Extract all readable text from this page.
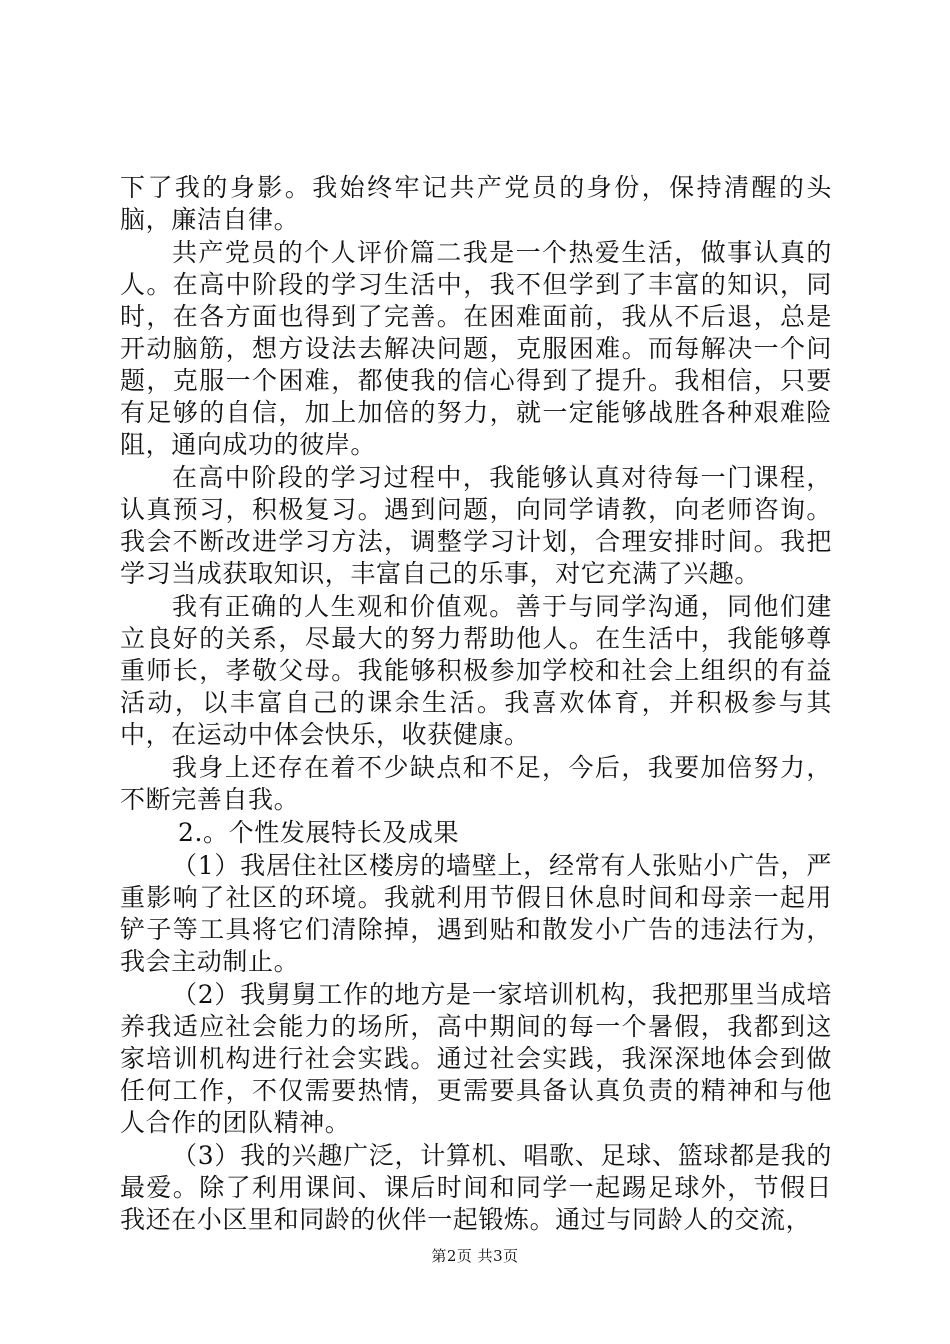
下了我的身影。我始终牢记共产党员的身份，保持清醒的头脑，廉洁自律。

共产党员的个人评价篇二我是一个热爱生活，做事认真的人。在高中阶段的学习生活中，我不但学到了丰富的知识，同时，在各方面也得到了完善。在困难面前，我从不后退，总是开动脑筋，想方设法去解决问题，克服困难。而每解决一个问题，克服一个困难，都使我的信心得到了提升。我相信，只要有足够的自信，加上加倍的努力，就一定能够战胜各种艰难险阻，通向成功的彼岸。

在高中阶段的学习过程中，我能够认真对待每一门课程，认真预习，积极复习。遇到问题，向同学请教，向老师咨询。我会不断改进学习方法，调整学习计划，合理安排时间。我把学习当成获取知识，丰富自己的乐事，对它充满了兴趣。

我有正确的人生观和价值观。善于与同学沟通，同他们建立良好的关系，尽最大的努力帮助他人。在生活中，我能够尊重师长，孝敬父母。我能够积极参加学校和社会上组织的有益活动，以丰富自己的课余生活。我喜欢体育，并积极参与其中，在运动中体会快乐，收获健康。

我身上还存在着不少缺点和不足，今后，我要加倍努力，不断完善自我。

2.。个性发展特长及成果

（1）我居住社区楼房的墙壁上，经常有人张贴小广告，严重影响了社区的环境。我就利用节假日休息时间和母亲一起用铲子等工具将它们清除掉，遇到贴和散发小广告的违法行为，我会主动制止。

（2）我舅舅工作的地方是一家培训机构，我把那里当成培养我适应社会能力的场所，高中期间的每一个暑假，我都到这家培训机构进行社会实践。通过社会实践，我深深地体会到做任何工作，不仅需要热情，更需要具备认真负责的精神和与他人合作的团队精神。

（3）我的兴趣广泛，计算机、唱歌、足球、篮球都是我的最爱。除了利用课间、课后时间和同学一起踢足球外，节假日我还在小区里和同龄的伙伴一起锻炼。通过与同龄人的交流，

第2页 共3页
